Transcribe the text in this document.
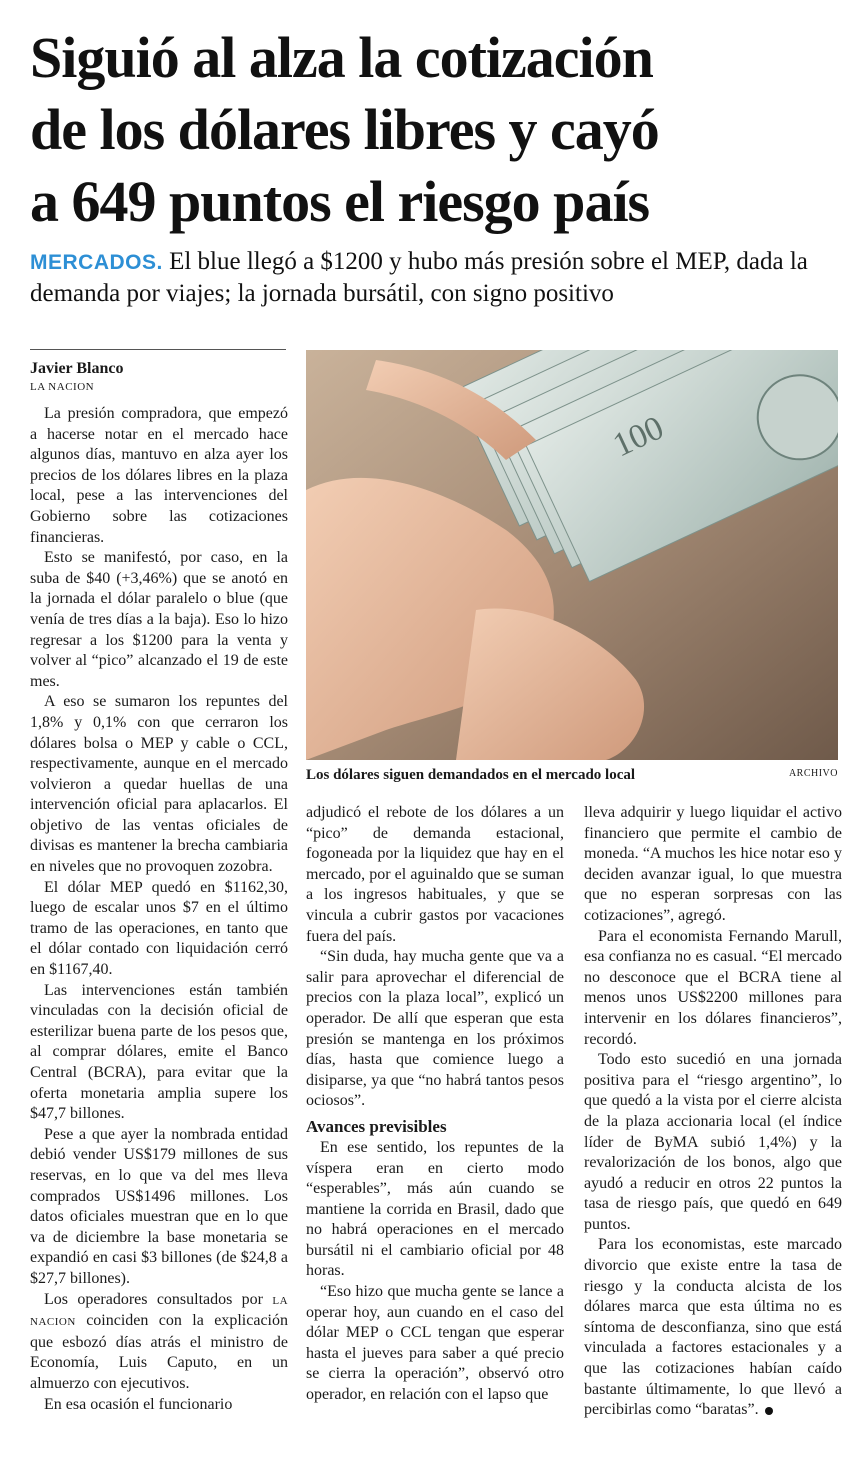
Siguió al alza la cotización
de los dólares libres y cayó
a 649 puntos el riesgo país
MERCADOS. El blue llegó a $1200 y hubo más presión sobre el MEP, dada la demanda por viajes; la jornada bursátil, con signo positivo
Javier Blanco
LA NACION

La presión compradora, que empezó a hacerse notar en el mercado hace algunos días, mantuvo en alza ayer los precios de los dólares libres en la plaza local, pese a las intervenciones del Gobierno sobre las cotizaciones financieras.

Esto se manifestó, por caso, en la suba de $40 (+3,46%) que se anotó en la jornada el dólar paralelo o blue (que venía de tres días a la baja). Eso lo hizo regresar a los $1200 para la venta y volver al “pico” alcanzado el 19 de este mes.

A eso se sumaron los repuntes del 1,8% y 0,1% con que cerraron los dólares bolsa o MEP y cable o CCL, respectivamente, aunque en el mercado volvieron a quedar huellas de una intervención oficial para aplacarlos. El objetivo de las ventas oficiales de divisas es mantener la brecha cambiaria en niveles que no provoquen zozobra.

El dólar MEP quedó en $1162,30, luego de escalar unos $7 en el último tramo de las operaciones, en tanto que el dólar contado con liquidación cerró en $1167,40.

Las intervenciones están también vinculadas con la decisión oficial de esterilizar buena parte de los pesos que, al comprar dólares, emite el Banco Central (BCRA), para evitar que la oferta monetaria amplia supere los $47,7 billones.

Pese a que ayer la nombrada entidad debió vender US$179 millones de sus reservas, en lo que va del mes lleva comprados US$1496 millones. Los datos oficiales muestran que en lo que va de diciembre la base monetaria se expandió en casi $3 billones (de $24,8 a $27,7 billones).

Los operadores consultados por LA NACION coinciden con la explicación que esbozó días atrás el ministro de Economía, Luis Caputo, en un almuerzo con ejecutivos.

En esa ocasión el funcionario

100
Los dólares siguen demandados en el mercado local	ARCHIVO

adjudicó el rebote de los dólares a un “pico” de demanda estacional, fogoneada por la liquidez que hay en el mercado, por el aguinaldo que se suman a los ingresos habituales, y que se vincula a cubrir gastos por vacaciones fuera del país.

“Sin duda, hay mucha gente que va a salir para aprovechar el diferencial de precios con la plaza local”, explicó un operador. De allí que esperan que esta presión se mantenga en los próximos días, hasta que comience luego a disiparse, ya que “no habrá tantos pesos ociosos”.

Avances previsibles

En ese sentido, los repuntes de la víspera eran en cierto modo “esperables”, más aún cuando se mantiene la corrida en Brasil, dado que no habrá operaciones en el mercado bursátil ni el cambiario oficial por 48 horas.

“Eso hizo que mucha gente se lance a operar hoy, aun cuando en el caso del dólar MEP o CCL tengan que esperar hasta el jueves para saber a qué precio se cierra la operación”, observó otro operador, en relación con el lapso que

lleva adquirir y luego liquidar el activo financiero que permite el cambio de moneda. “A muchos les hice notar eso y deciden avanzar igual, lo que muestra que no esperan sorpresas con las cotizaciones”, agregó.

Para el economista Fernando Marull, esa confianza no es casual. “El mercado no desconoce que el BCRA tiene al menos unos US$2200 millones para intervenir en los dólares financieros”, recordó.

Todo esto sucedió en una jornada positiva para el “riesgo argentino”, lo que quedó a la vista por el cierre alcista de la plaza accionaria local (el índice líder de ByMA subió 1,4%) y la revalorización de los bonos, algo que ayudó a reducir en otros 22 puntos la tasa de riesgo país, que quedó en 649 puntos.

Para los economistas, este marcado divorcio que existe entre la tasa de riesgo y la conducta alcista de los dólares marca que esta última no es síntoma de desconfianza, sino que está vinculada a factores estacionales y a que las cotizaciones habían caído bastante últimamente, lo que llevó a percibirlas como “baratas”.
